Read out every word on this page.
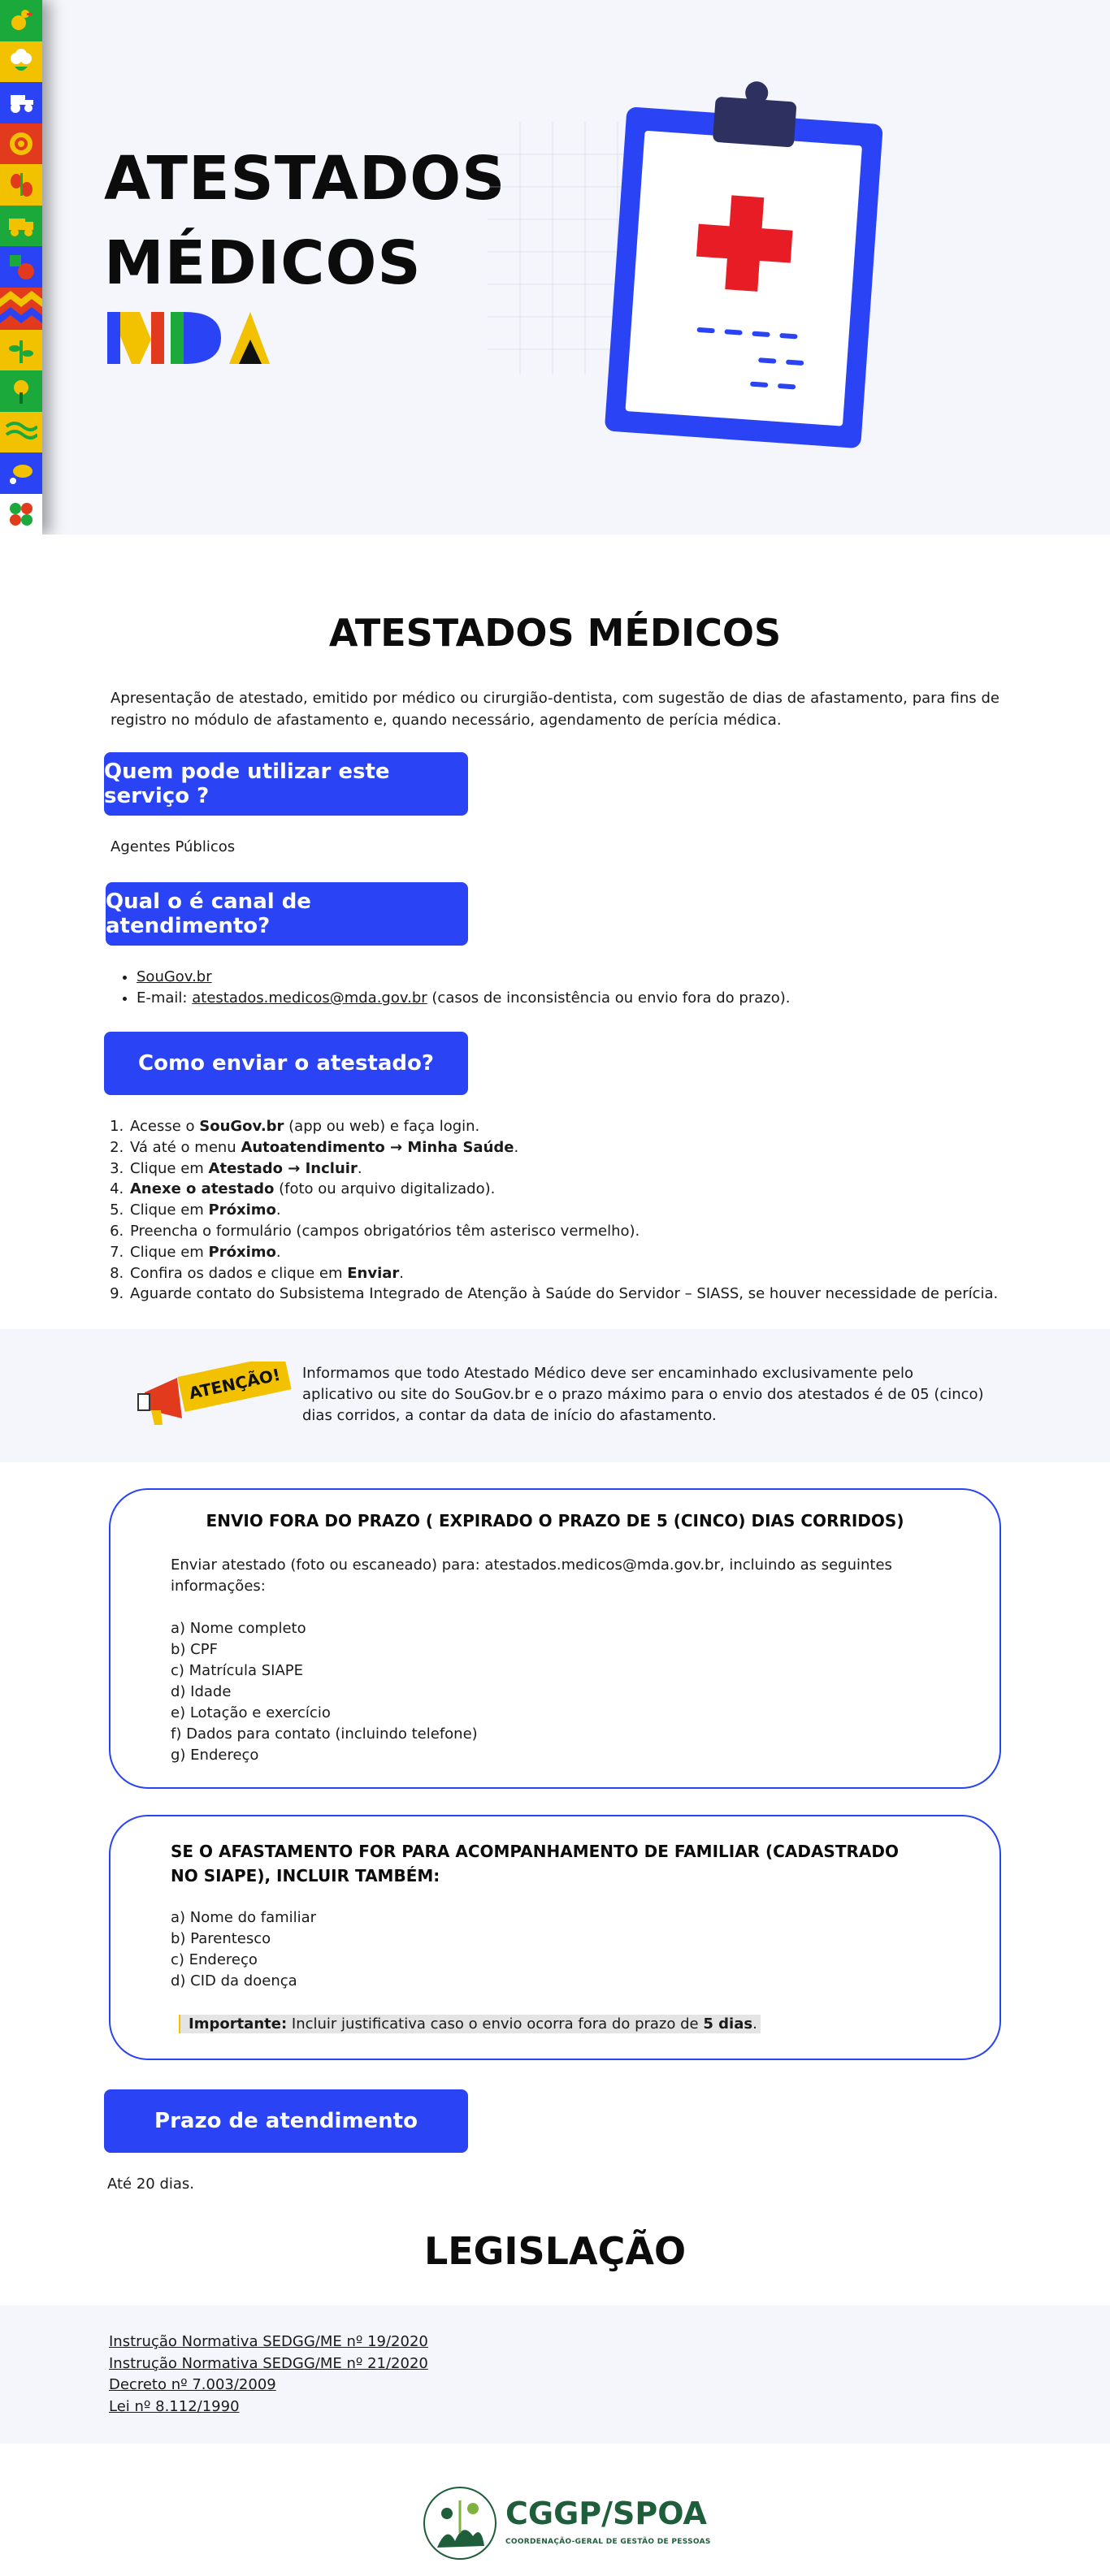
ATESTADOS
MÉDICOS
ATESTADOS MÉDICOS

Apresentação de atestado, emitido por médico ou cirurgião-dentista, com sugestão de dias de afastamento, para fins de registro no módulo de afastamento e, quando necessário, agendamento de perícia médica.

Quem pode utilizar este serviço ?
Agentes Públicos
Qual o é canal de atendimento?
• SouGov.br
• E-mail: atestados.medicos@mda.gov.br (casos de inconsistência ou envio fora do prazo).
Como enviar o atestado?
1. Acesse o SouGov.br (app ou web) e faça login.
2. Vá até o menu Autoatendimento → Minha Saúde.
3. Clique em Atestado → Incluir.
4. Anexe o atestado (foto ou arquivo digitalizado).
5. Clique em Próximo.
6. Preencha o formulário (campos obrigatórios têm asterisco vermelho).
7. Clique em Próximo.
8. Confira os dados e clique em Enviar.
9. Aguarde contato do Subsistema Integrado de Atenção à Saúde do Servidor – SIASS, se houver necessidade de perícia.
ATENÇÃO! Informamos que todo Atestado Médico deve ser encaminhado exclusivamente pelo aplicativo ou site do SouGov.br e o prazo máximo para o envio dos atestados é de 05 (cinco) dias corridos, a contar da data de início do afastamento.

ENVIO FORA DO PRAZO ( EXPIRADO O PRAZO DE 5 (CINCO) DIAS CORRIDOS)
Enviar atestado (foto ou escaneado) para: atestados.medicos@mda.gov.br, incluindo as seguintes informações:
a) Nome completo
b) CPF
c) Matrícula SIAPE
d) Idade
e) Lotação e exercício
f) Dados para contato (incluindo telefone)
g) Endereço
SE O AFASTAMENTO FOR PARA ACOMPANHAMENTO DE FAMILIAR (CADASTRADO NO SIAPE), INCLUIR TAMBÉM:
a) Nome do familiar
b) Parentesco
c) Endereço
d) CID da doença
Importante: Incluir justificativa caso o envio ocorra fora do prazo de 5 dias.
Prazo de atendimento
Até 20 dias.
LEGISLAÇÃO
Instrução Normativa SEDGG/ME nº 19/2020
Instrução Normativa SEDGG/ME nº 21/2020
Decreto nº 7.003/2009
Lei nº 8.112/1990
CGGP/SPOA
COORDENAÇÃO-GERAL DE GESTÃO DE PESSOAS
